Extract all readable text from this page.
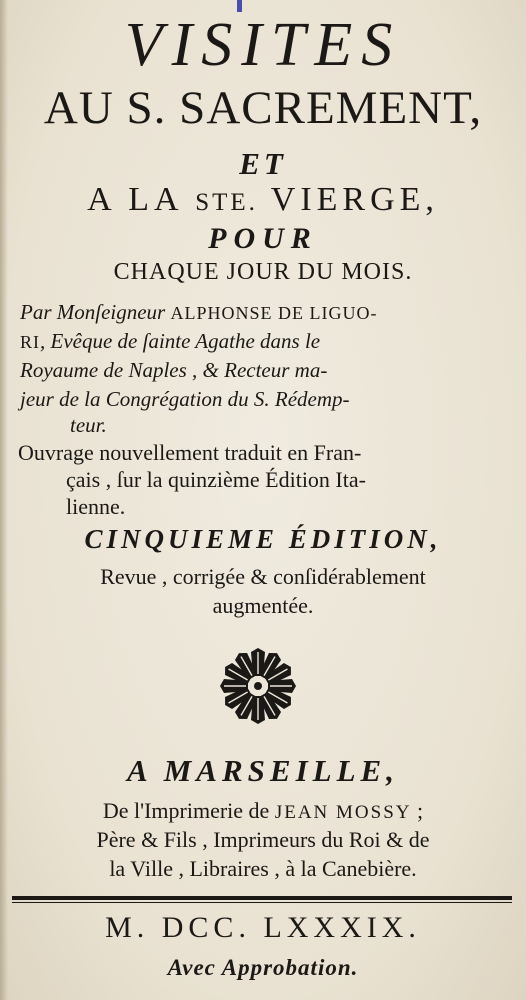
VISITES
AU S. SACREMENT,
ET
A LA STE. VIERGE,
POUR
CHAQUE JOUR DU MOIS.
Par Monſeigneur ALPHONSE DE LIGUO-
RI, Evêque de ſainte Agathe dans le
Royaume de Naples , & Recteur ma-
jeur de la Congrégation du S. Rédemp-
teur.
Ouvrage nouvellement traduit en Fran-
çais , ſur la quinzième Édition Ita-
lienne.
CINQUIEME ÉDITION,
Revue , corrigée & conſidérablement
augmentée.
A MARSEILLE,
De l'Imprimerie de JEAN MOSSY ;
Père & Fils , Imprimeurs du Roi & de
la Ville , Libraires , à la Canebière.
M. DCC. LXXXIX.
Avec Approbation.
